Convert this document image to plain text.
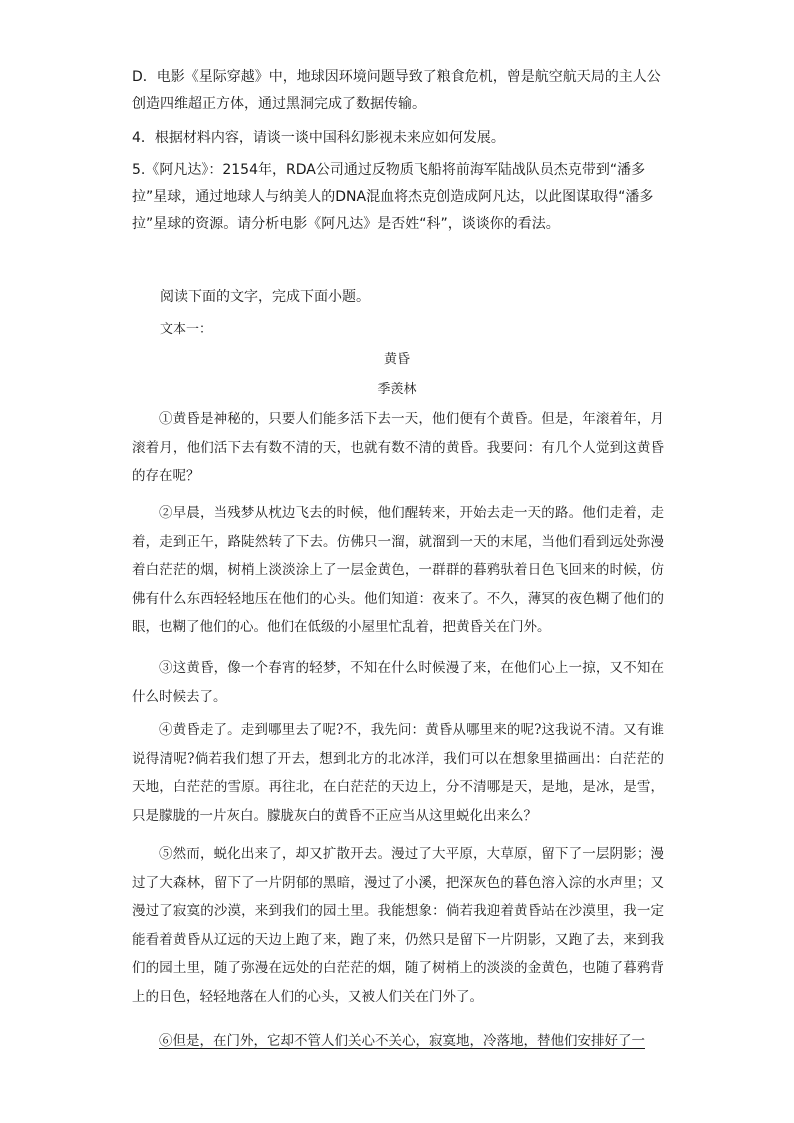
D．电影《星际穿越》中，地球因环境问题导致了粮食危机，曾是航空航天局的主人公创造四维超正方体，通过黑洞完成了数据传输。

4．根据材料内容，请谈一谈中国科幻影视未来应如何发展。

5.《阿凡达》：2154年，RDA公司通过反物质飞船将前海军陆战队员杰克带到“潘多拉”星球，通过地球人与纳美人的DNA混血将杰克创造成阿凡达，以此图谋取得“潘多拉”星球的资源。请分析电影《阿凡达》是否姓“科”，谈谈你的看法。

阅读下面的文字，完成下面小题。

文本一：

黄昏

季羡林

①黄昏是神秘的，只要人们能多活下去一天，他们便有个黄昏。但是，年滚着年，月滚着月，他们活下去有数不清的天，也就有数不清的黄昏。我要问：有几个人觉到这黄昏的存在呢？

②早晨，当残梦从枕边飞去的时候，他们醒转来，开始去走一天的路。他们走着，走着，走到正午，路陡然转了下去。仿佛只一溜，就溜到一天的末尾，当他们看到远处弥漫着白茫茫的烟，树梢上淡淡涂上了一层金黄色，一群群的暮鸦驮着日色飞回来的时候，仿佛有什么东西轻轻地压在他们的心头。他们知道：夜来了。不久，薄冥的夜色糊了他们的眼，也糊了他们的心。他们在低级的小屋里忙乱着，把黄昏关在门外。

③这黄昏，像一个春宵的轻梦，不知在什么时候漫了来，在他们心上一掠，又不知在什么时候去了。

④黄昏走了。走到哪里去了呢?不，我先问：黄昏从哪里来的呢?这我说不清。又有谁说得清呢?倘若我们想了开去，想到北方的北冰洋，我们可以在想象里描画出：白茫茫的天地，白茫茫的雪原。再往北，在白茫茫的天边上，分不清哪是天，是地，是冰，是雪，只是朦胧的一片灰白。朦胧灰白的黄昏不正应当从这里蜕化出来么？

⑤然而，蜕化出来了，却又扩散开去。漫过了大平原，大草原，留下了一层阴影；漫过了大森林，留下了一片阴郁的黑暗，漫过了小溪，把深灰色的暮色溶入淙的水声里；又漫过了寂寞的沙漠，来到我们的园土里。我能想象：倘若我迎着黄昏站在沙漠里，我一定能看着黄昏从辽远的天边上跑了来，跑了来，仍然只是留下一片阴影，又跑了去，来到我们的园土里，随了弥漫在远处的白茫茫的烟，随了树梢上的淡淡的金黄色，也随了暮鸦背上的日色，轻轻地落在人们的心头，又被人们关在门外了。

⑥但是，在门外，它却不管人们关心不关心，寂寞地，冷落地，替他们安排好了一
